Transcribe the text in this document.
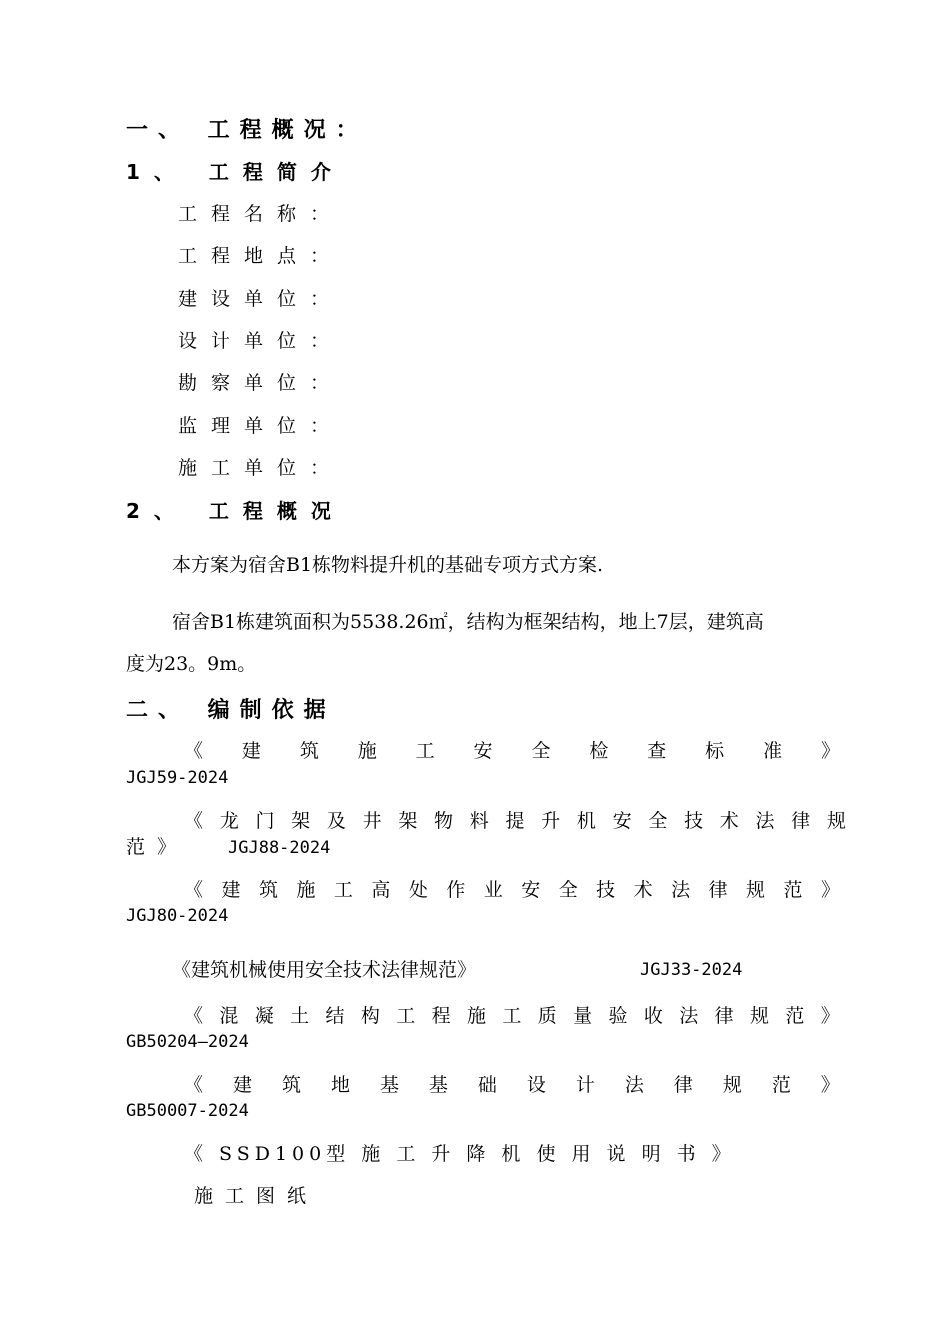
一、 工程概况：
1、 工程简介
工程名称：
工程地点：
建设单位：
设计单位：
勘察单位：
监理单位：
施工单位：
2、 工程概况
本方案为宿舍B1栋物料提升机的基础专项方式方案.
宿舍B1栋建筑面积为5538.26㎡，结构为框架结构，地上7层，建筑高
度为23。9m。
二、 编制依据
《 建 筑 施 工 安 全 检 查 标 准 》
JGJ59-2024
《 龙 门 架 及 井 架 物 料 提 升 机 安 全 技 术 法 律 规
范》 JGJ88-2024
《 建 筑 施 工 高 处 作 业 安 全 技 术 法 律 规 范 》
JGJ80-2024
《建筑机械使用安全技术法律规范》	JGJ33-2024
《 混 凝 土 结 构 工 程 施 工 质 量 验 收 法 律 规 范 》
GB50204—2024
《 建 筑 地 基 基 础 设 计 法 律 规 范 》
GB50007-2024
《 SSD100型 施 工 升 降 机 使 用 说 明 书 》
施工图纸
